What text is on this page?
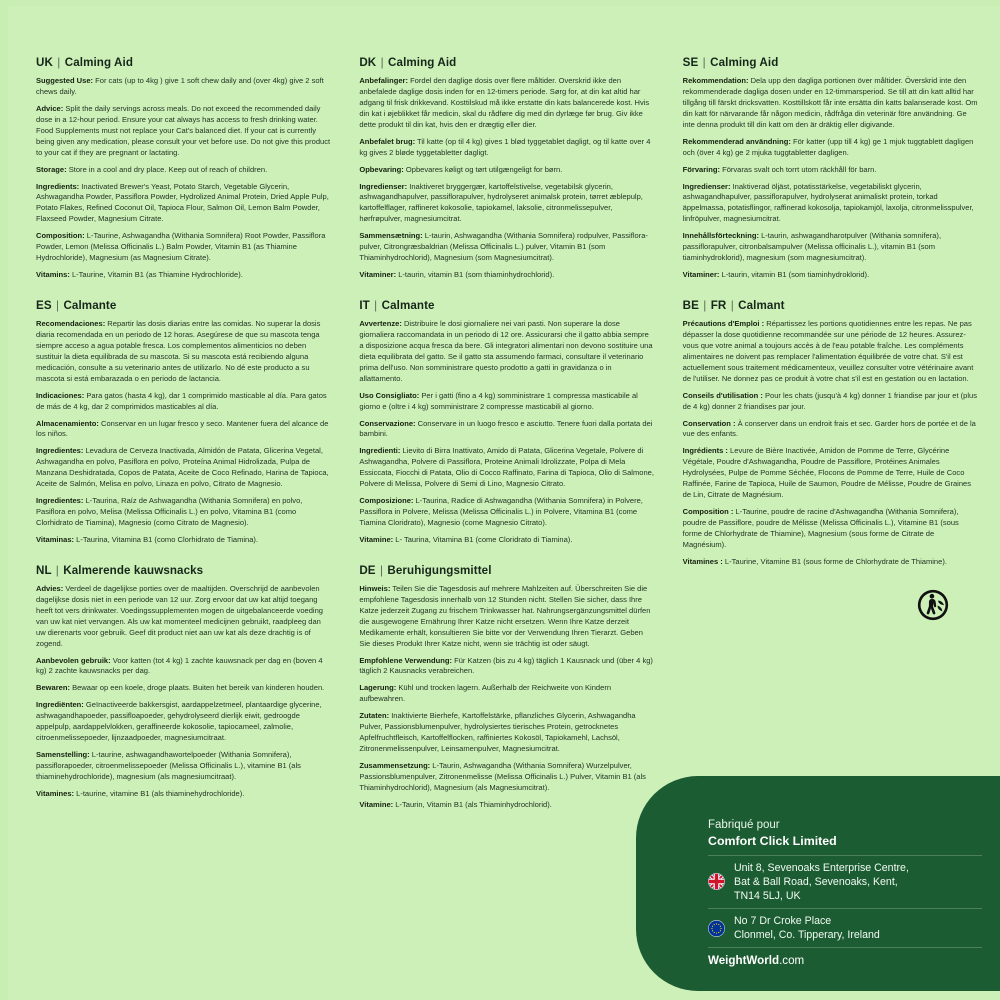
UK | Calming Aid

Suggested Use: For cats (up to 4kg ) give 1 soft chew daily and (over 4kg) give 2 soft chews daily.

Advice: Split the daily servings across meals. Do not exceed the recommended daily dose in a 12-hour period. Ensure your cat always has access to fresh drinking water. Food Supplements must not replace your Cat's balanced diet. If your cat is currently being given any medication, please consult your vet before use. Do not give this product to your cat if they are pregnant or lactating.

Storage: Store in a cool and dry place. Keep out of reach of children.

Ingredients: Inactivated Brewer's Yeast, Potato Starch, Vegetable Glycerin, Ashwagandha Powder, Passiflora Powder, Hydrolized Animal Protein, Dried Apple Pulp, Potato Flakes, Refined Coconut Oil, Tapioca Flour, Salmon Oil, Lemon Balm Powder, Flaxseed Powder, Magnesium Citrate.

Composition: L-Taurine, Ashwagandha (Withania Somnifera) Root Powder, Passiflora Powder, Lemon (Melissa Officinalis L.) Balm Powder, Vitamin B1 (as Thiamine Hydrochloride), Magnesium (as Magnesium Citrate).

Vitamins: L-Taurine, Vitamin B1 (as Thiamine Hydrochloride).

ES | Calmante

Recomendaciones: Repartir las dosis diarias entre las comidas. No superar la dosis diaria recomendada en un periodo de 12 horas. Asegúrese de que su mascota tenga siempre acceso a agua potable fresca. Los complementos alimenticios no deben sustituir la dieta equilibrada de su mascota. Si su mascota está recibiendo alguna medicación, consulte a su veterinario antes de utilizarlo. No dé este producto a su mascota si está embarazada o en periodo de lactancia.

Indicaciones: Para gatos (hasta 4 kg), dar 1 comprimido masticable al día. Para gatos de más de 4 kg, dar 2 comprimidos masticables al día.

Almacenamiento: Conservar en un lugar fresco y seco. Mantener fuera del alcance de los niños.

Ingredientes: Levadura de Cerveza Inactivada, Almidón de Patata, Glicerina Vegetal, Ashwagandha en polvo, Pasiflora en polvo, Proteína Animal Hidrolizada, Pulpa de Manzana Deshidratada, Copos de Patata, Aceite de Coco Refinado, Harina de Tapioca, Aceite de Salmón, Melisa en polvo, Linaza en polvo, Citrato de Magnesio.

Ingredientes: L-Taurina, Raíz de Ashwagandha (Withania Somnifera) en polvo, Pasiflora en polvo, Melisa (Melissa Officinalis L.) en polvo, Vitamina B1 (como Clorhidrato de Tiamina), Magnesio (como Citrato de Magnesio).

Vitaminas: L-Taurina, Vitamina B1 (como Clorhidrato de Tiamina).

NL | Kalmerende kauwsnacks

Advies: Verdeel de dagelijkse porties over de maaltijden. Overschrijd de aanbevolen dagelijkse dosis niet in een periode van 12 uur. Zorg ervoor dat uw kat altijd toegang heeft tot vers drinkwater. Voedingssupplementen mogen de uitgebalanceerde voeding van uw kat niet vervangen. Als uw kat momenteel medicijnen gebruikt, raadpleeg dan uw dierenarts voor gebruik. Geef dit product niet aan uw kat als deze drachtig is of zogend.

Aanbevolen gebruik: Voor katten (tot 4 kg) 1 zachte kauwsnack per dag en (boven 4 kg) 2 zachte kauwsnacks per dag.

Bewaren: Bewaar op een koele, droge plaats. Buiten het bereik van kinderen houden.

Ingrediënten: Geïnactiveerde bakkersgist, aardappelzetmeel, plantaardige glycerine, ashwagandhapoeder, passifloapoeder, gehydrolyseerd dierlijk eiwit, gedroogde appelpulp, aardappelvlokken, geraffineerde kokosolie, tapiocameel, zalmolie, citroenmelissepoeder, lijnzaadpoeder, magnesiumcitraat.

Samenstelling: L-taurine, ashwagandhawortelpoeder (Withania Somnifera), passiflorapoeder, citroenmelissepoeder (Melissa Officinalis L.), vitamine B1 (als thiaminehydrochloride), magnesium (als magnesiumcitraat).

Vitamines: L-taurine, vitamine B1 (als thiaminehydrochloride).

DK | Calming Aid

Anbefalinger: Fordel den daglige dosis over flere måltider. Overskrid ikke den anbefalede daglige dosis inden for en 12-timers periode. Sørg for, at din kat altid har adgang til frisk drikkevand. Kosttilskud må ikke erstatte din kats balancerede kost. Hvis din kat i øjeblikket får medicin, skal du rådføre dig med din dyrlæge før brug. Giv ikke dette produkt til din kat, hvis den er drægtig eller dier.

Anbefalet brug: Til katte (op til 4 kg) gives 1 blød tyggetablet dagligt, og til katte over 4 kg gives 2 bløde tyggetabletter dagligt.

Opbevaring: Opbevares køligt og tørt utilgængeligt for børn.

Ingredienser: Inaktiveret bryggergær, kartoffelstivelse, vegetabilsk glycerin, ashwagandhapulver, passiflorapulver, hydrolyseret animalsk protein, tørret æblepulp, kartoffelflager, raffineret kokosolie, tapiokamel, laksolie, citronmelissepulver, hørfrøpulver, magnesiumcitrat.

Sammensætning: L-taurin, Ashwagandha (Withania Somnifera) rodpulver, Passiflora-pulver, Citrongræsbaldrian (Melissa Officinalis L.) pulver, Vitamin B1 (som Thiaminhydrochlorid), Magnesium (som Magnesiumcitrat).

Vitaminer: L-taurin, vitamin B1 (som thiaminhydrochlorid).

IT | Calmante

Avvertenze: Distribuire le dosi giornaliere nei vari pasti. Non superare la dose giornaliera raccomandata in un periodo di 12 ore. Assicurarsi che il gatto abbia sempre a disposizione acqua fresca da bere. Gli integratori alimentari non devono sostituire una dieta equilibrata del gatto. Se il gatto sta assumendo farmaci, consultare il veterinario prima dell'uso. Non somministrare questo prodotto a gatti in gravidanza o in allattamento.

Uso Consigliato: Per i gatti (fino a 4 kg) somministrare 1 compressa masticabile al giorno e (oltre i 4 kg) somministrare 2 compresse masticabili al giorno.

Conservazione: Conservare in un luogo fresco e asciutto. Tenere fuori dalla portata dei bambini.

Ingredienti: Lievito di Birra Inattivato, Amido di Patata, Glicerina Vegetale, Polvere di Ashwagandha, Polvere di Passiflora, Proteine Animali Idrolizzate, Polpa di Mela Essiccata, Fiocchi di Patata, Olio di Cocco Raffinato, Farina di Tapioca, Olio di Salmone, Polvere di Melissa, Polvere di Semi di Lino, Magnesio Citrato.

Composizione: L-Taurina, Radice di Ashwagandha (Withania Somnifera) in Polvere, Passiflora in Polvere, Melissa (Melissa Officinalis L.) in Polvere, Vitamina B1 (come Tiamina Cloridrato), Magnesio (come Magnesio Citrato).

Vitamine: L- Taurina, Vitamina B1 (come Cloridrato di Tiamina).

DE | Beruhigungsmittel

Hinweis: Teilen Sie die Tagesdosis auf mehrere Mahlzeiten auf. Überschreiten Sie die empfohlene Tagesdosis innerhalb von 12 Stunden nicht. Stellen Sie sicher, dass Ihre Katze jederzeit Zugang zu frischem Trinkwasser hat. Nahrungsergänzungsmittel dürfen die ausgewogene Ernährung Ihrer Katze nicht ersetzen. Wenn Ihre Katze derzeit Medikamente erhält, konsultieren Sie bitte vor der Verwendung Ihren Tierarzt. Geben Sie dieses Produkt Ihrer Katze nicht, wenn sie trächtig ist oder säugt.

Empfohlene Verwendung: Für Katzen (bis zu 4 kg) täglich 1 Kausnack und (über 4 kg) täglich 2 Kausnacks verabreichen.

Lagerung: Kühl und trocken lagern. Außerhalb der Reichweite von Kindern aufbewahren.

Zutaten: Inaktivierte Bierhefe, Kartoffelstärke, pflanzliches Glycerin, Ashwagandha Pulver, Passionsblumenpulver, hydrolysiertes tierisches Protein, getrocknetes Apfelfruchtfleisch, Kartoffelflocken, raffiniertes Kokosöl, Tapiokamehl, Lachsöl, Zitronenmelissenpulver, Leinsamenpulver, Magnesiumcitrat.

Zusammensetzung: L-Taurin, Ashwagandha (Withania Somnifera) Wurzelpulver, Passionsblumenpulver, Zitronenmelisse (Melissa Officinalis L.) Pulver, Vitamin B1 (als Thiaminhydrochlorid), Magnesium (als Magnesiumcitrat).

Vitamine: L-Taurin, Vitamin B1 (als Thiaminhydrochlorid).

SE | Calming Aid

Rekommendation: Dela upp den dagliga portionen över måltider. Överskrid inte den rekommenderade dagliga dosen under en 12-timmarsperiod. Se till att din katt alltid har tillgång till färskt dricksvatten. Kosttillskott får inte ersätta din katts balanserade kost. Om din katt för närvarande får någon medicin, rådfråga din veterinär före användning. Ge inte denna produkt till din katt om den är dräktig eller digivande.

Rekommenderad användning: För katter (upp till 4 kg) ge 1 mjuk tuggtablett dagligen och (över 4 kg) ge 2 mjuka tuggtabletter dagligen.

Förvaring: Förvaras svalt och torrt utom räckhåll för barn.

Ingredienser: Inaktiverad öljäst, potatisstärkelse, vegetabiliskt glycerin, ashwagandhapulver, passiflorapulver, hydrolyserat animaliskt protein, torkad äppelmassa, potatisflingor, raffinerad kokosolja, tapiokamjöl, laxolja, citronmelisspulver, linfröpulver, magnesiumcitrat.

Innehållsförteckning: L-taurin, ashwagandharotpulver (Withania somnifera), passiflorapulver, citronbalsampulver (Melissa officinalis L.), vitamin B1 (som tiaminhydroklorid), magnesium (som magnesiumcitrat).

Vitaminer: L-taurin, vitamin B1 (som tiaminhydroklorid).

BE | FR | Calmant

Précautions d'Emploi : Répartissez les portions quotidiennes entre les repas. Ne pas dépasser la dose quotidienne recommandée sur une période de 12 heures. Assurez-vous que votre animal a toujours accès à de l'eau potable fraîche. Les compléments alimentaires ne doivent pas remplacer l'alimentation équilibrée de votre chat. S'il est actuellement sous traitement médicamenteux, veuillez consulter votre vétérinaire avant de l'utiliser. Ne donnez pas ce produit à votre chat s'il est en gestation ou en lactation.

Conseils d'utilisation : Pour les chats (jusqu'à 4 kg) donner 1 friandise par jour et (plus de 4 kg) donner 2 friandises par jour.

Conservation : À conserver dans un endroit frais et sec. Garder hors de portée et de la vue des enfants.

Ingrédients : Levure de Bière Inactivée, Amidon de Pomme de Terre, Glycérine Végétale, Poudre d'Ashwagandha, Poudre de Passiflore, Protéines Animales Hydrolysées, Pulpe de Pomme Séchée, Flocons de Pomme de Terre, Huile de Coco Raffinée, Farine de Tapioca, Huile de Saumon, Poudre de Mélisse, Poudre de Graines de Lin, Citrate de Magnésium.

Composition : L-Taurine, poudre de racine d'Ashwagandha (Withania Somnifera), poudre de Passiflore, poudre de Mélisse (Melissa Officinalis L.), Vitamine B1 (sous forme de Chlorhydrate de Thiamine), Magnesium (sous forme de Citrate de Magnésium).

Vitamines : L-Taurine, Vitamine B1 (sous forme de Chlorhydrate de Thiamine).

Fabriqué pour
Comfort Click Limited
Unit 8, Sevenoaks Enterprise Centre,
Bat & Ball Road, Sevenoaks, Kent,
TN14 5LJ, UK
No 7 Dr Croke Place
Clonmel, Co. Tipperary, Ireland
WeightWorld.com
